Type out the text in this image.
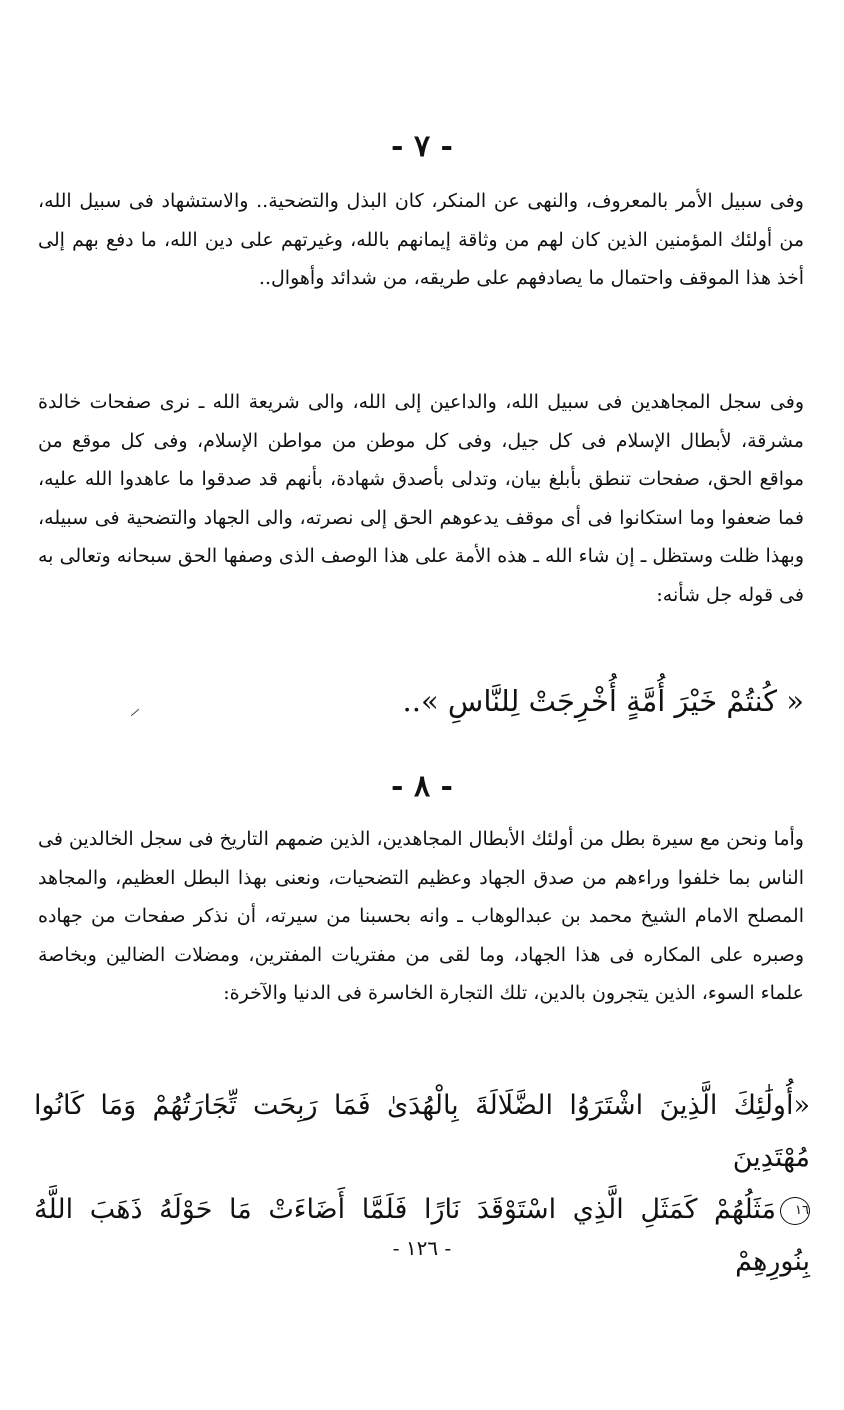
- ٧ -

وفى سبيل الأمر بالمعروف، والنهى عن المنكر، كان البذل والتضحية.. والاستشهاد فى سبيل الله، من أولئك المؤمنين الذين كان لهم من وثاقة إيمانهم بالله، وغيرتهم على دين الله، ما دفع بهم إلى أخذ هذا الموقف واحتمال ما يصادفهم على طريقه، من شدائد وأهوال..

وفى سجل المجاهدين فى سبيل الله، والداعين إلى الله، والى شريعة الله ـ نرى صفحات خالدة مشرقة، لأبطال الإسلام فى كل جيل، وفى كل موطن من مواطن الإسلام، وفى كل موقع من مواقع الحق، صفحات تنطق بأبلغ بيان، وتدلى بأصدق شهادة، بأنهم قد صدقوا ما عاهدوا الله عليه، فما ضعفوا وما استكانوا فى أى موقف يدعوهم الحق إلى نصرته، والى الجهاد والتضحية فى سبيله، وبهذا ظلت وستظل ـ إن شاء الله ـ هذه الأمة على هذا الوصف الذى وصفها الحق سبحانه وتعالى به فى قوله جل شأنه:

« كُنتُمْ خَيْرَ أُمَّةٍ أُخْرِجَتْ لِلنَّاسِ »..

- ٨ -

وأما ونحن مع سيرة بطل من أولئك الأبطال المجاهدين، الذين ضمهم التاريخ فى سجل الخالدين فى الناس بما خلفوا وراءهم من صدق الجهاد وعظيم التضحيات، ونعنى بهذا البطل العظيم، والمجاهد المصلح الامام الشيخ محمد بن عبدالوهاب ـ وانه بحسبنا من سيرته، أن نذكر صفحات من جهاده وصبره على المكاره فى هذا الجهاد، وما لقى من مفتريات المفترين، ومضلات الضالين وبخاصة علماء السوء، الذين يتجرون بالدين، تلك التجارة الخاسرة فى الدنيا والآخرة:

«أُولَٰئِكَ الَّذِينَ اشْتَرَوُا الضَّلَالَةَ بِالْهُدَىٰ فَمَا رَبِحَت تِّجَارَتُهُمْ وَمَا كَانُوا مُهْتَدِينَ
١٦مَثَلُهُمْ كَمَثَلِ الَّذِي اسْتَوْقَدَ نَارًا فَلَمَّا أَضَاءَتْ مَا حَوْلَهُ ذَهَبَ اللَّهُ بِنُورِهِمْ
- ١٢٦ -
